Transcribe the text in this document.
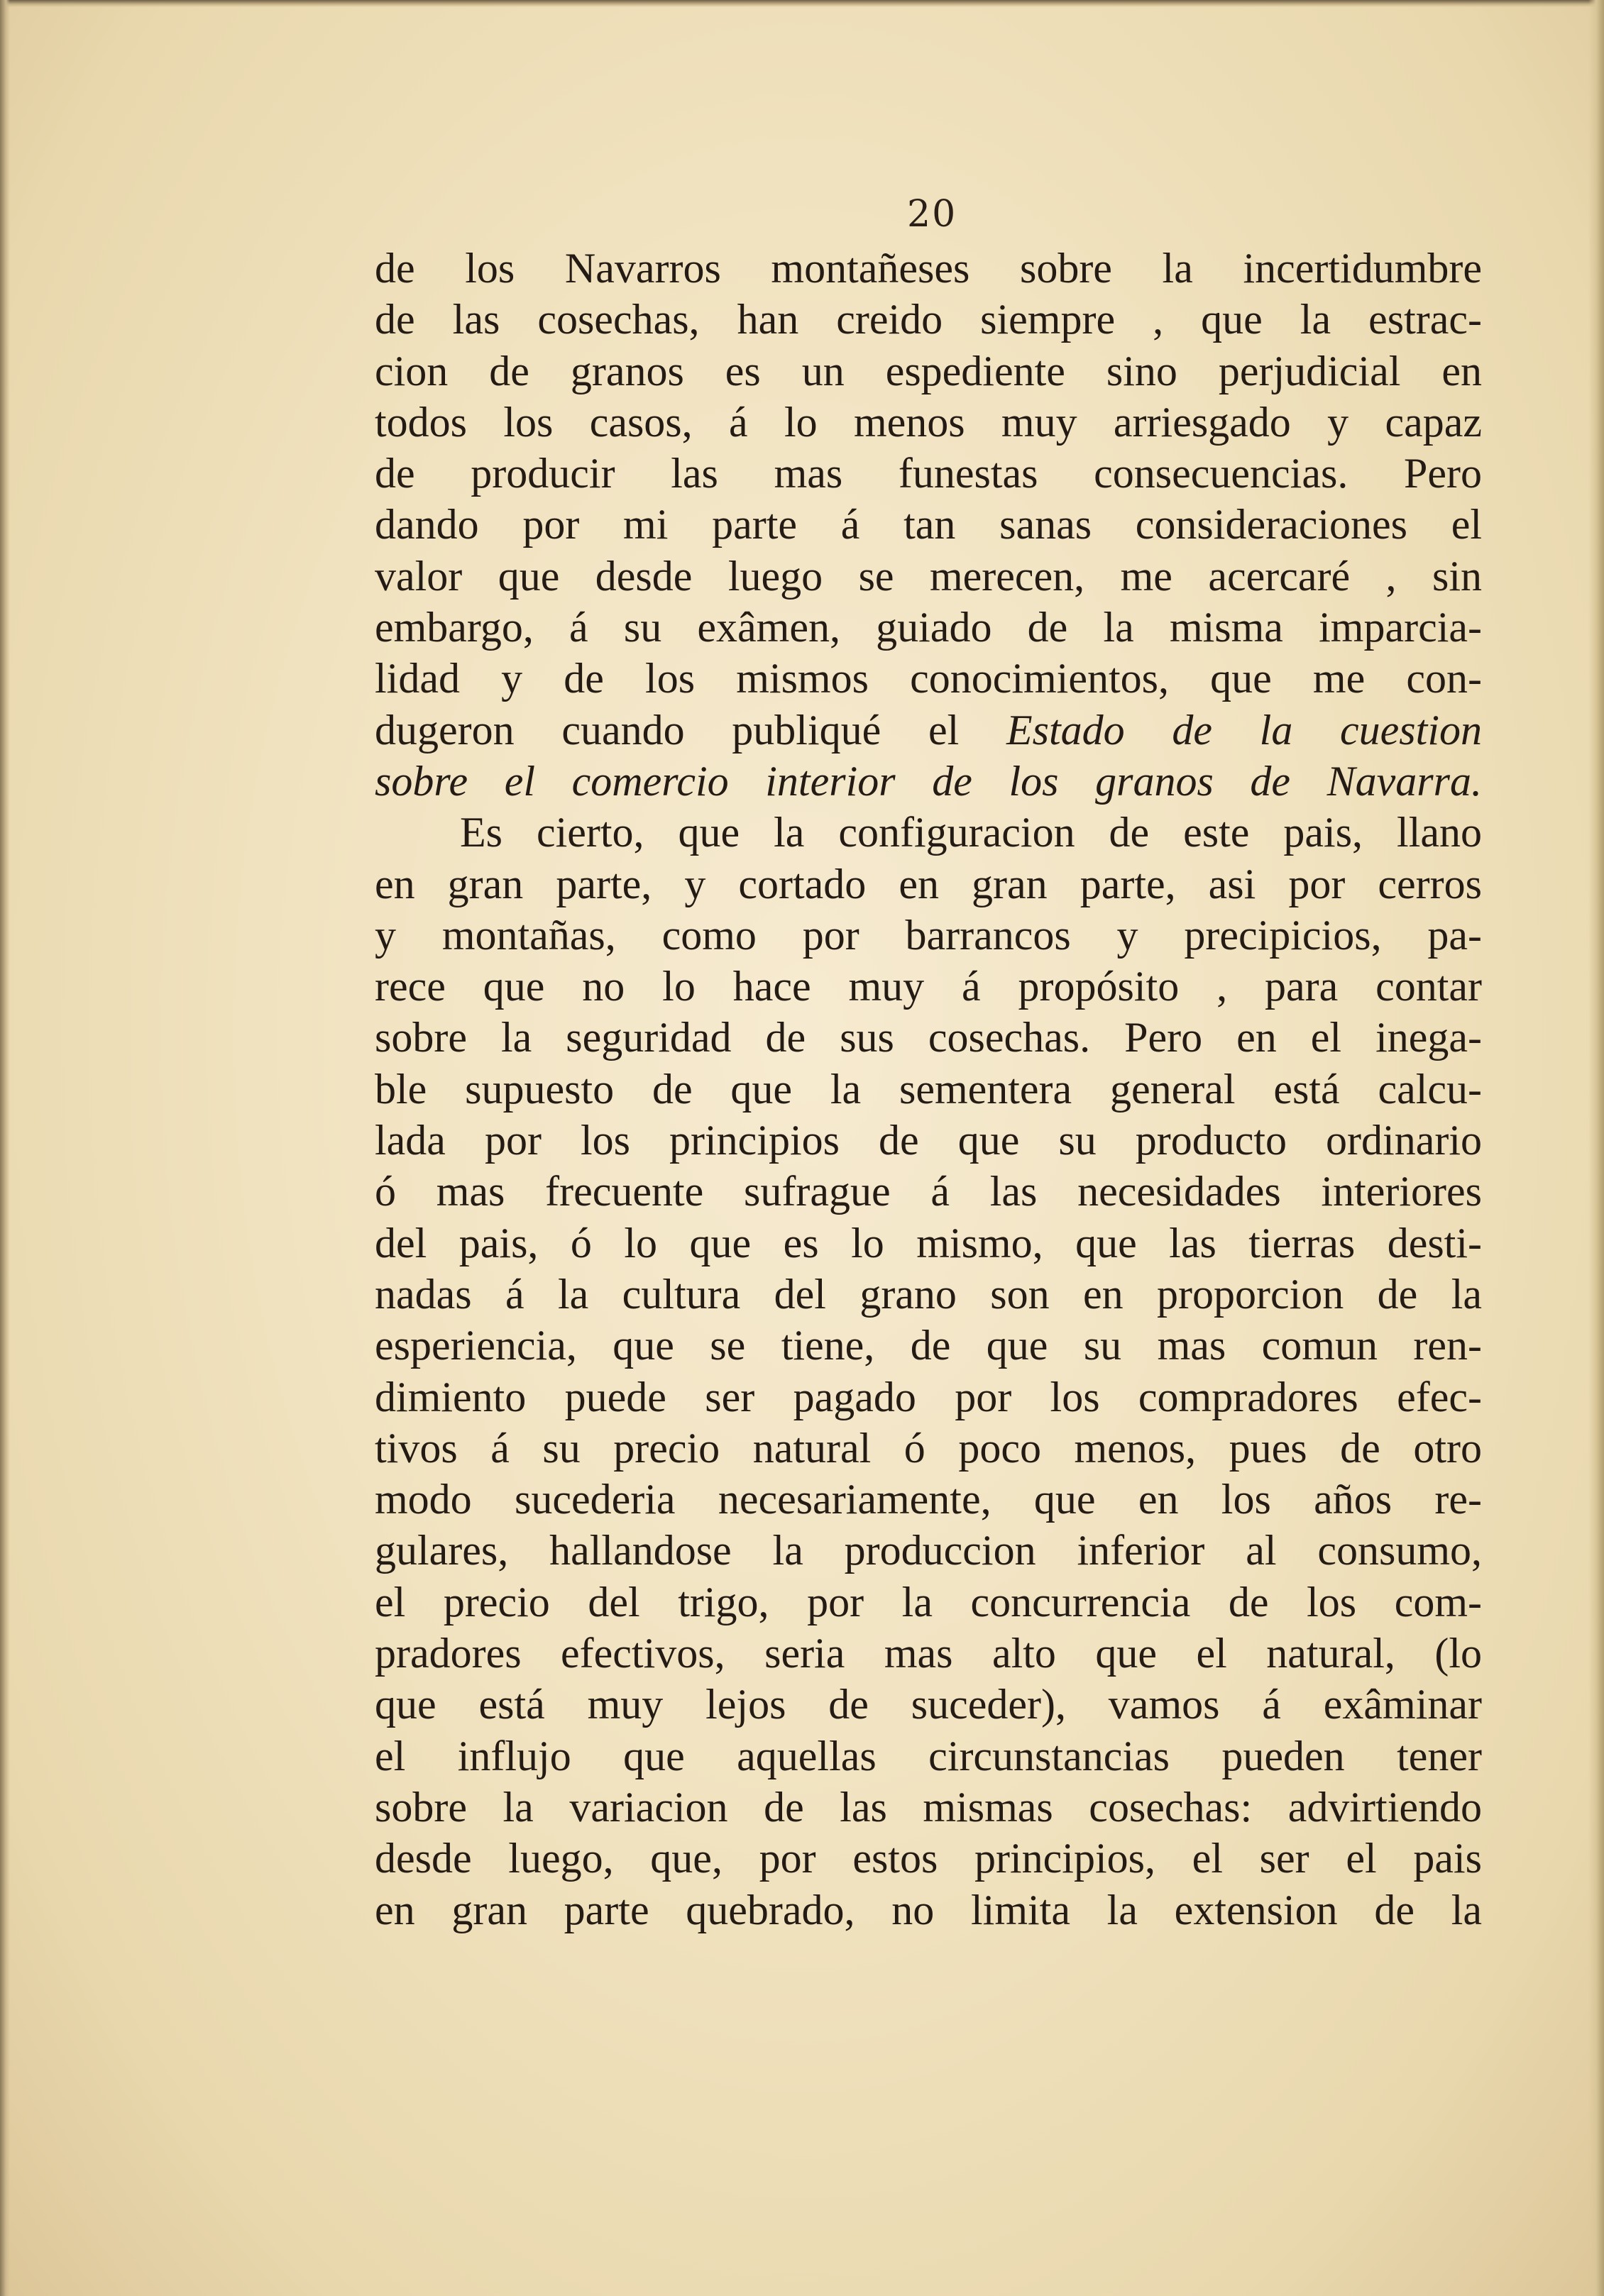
20
de los Navarros montañeses sobre la incertidumbre
de las cosechas, han creido siempre , que la estrac-
cion de granos es un espediente sino perjudicial en
todos los casos, á lo menos muy arriesgado y capaz
de producir las mas funestas consecuencias. Pero
dando por mi parte á tan sanas consideraciones el
valor que desde luego se merecen, me acercaré , sin
embargo, á su exâmen, guiado de la misma imparcia-
lidad y de los mismos conocimientos, que me con-
dugeron cuando publiqué el Estado de la cuestion
sobre el comercio interior de los granos de Navarra.
Es cierto, que la configuracion de este pais, llano
en gran parte, y cortado en gran parte, asi por cerros
y montañas, como por barrancos y precipicios, pa-
rece que no lo hace muy á propósito , para contar
sobre la seguridad de sus cosechas. Pero en el inega-
ble supuesto de que la sementera general está calcu-
lada por los principios de que su producto ordinario
ó mas frecuente sufrague á las necesidades interiores
del pais, ó lo que es lo mismo, que las tierras desti-
nadas á la cultura del grano son en proporcion de la
esperiencia, que se tiene, de que su mas comun ren-
dimiento puede ser pagado por los compradores efec-
tivos á su precio natural ó poco menos, pues de otro
modo sucederia necesariamente, que en los años re-
gulares, hallandose la produccion inferior al consumo,
el precio del trigo, por la concurrencia de los com-
pradores efectivos, seria mas alto que el natural, (lo
que está muy lejos de suceder), vamos á exâminar
el influjo que aquellas circunstancias pueden tener
sobre la variacion de las mismas cosechas: advirtiendo
desde luego, que, por estos principios, el ser el pais
en gran parte quebrado, no limita la extension de la
